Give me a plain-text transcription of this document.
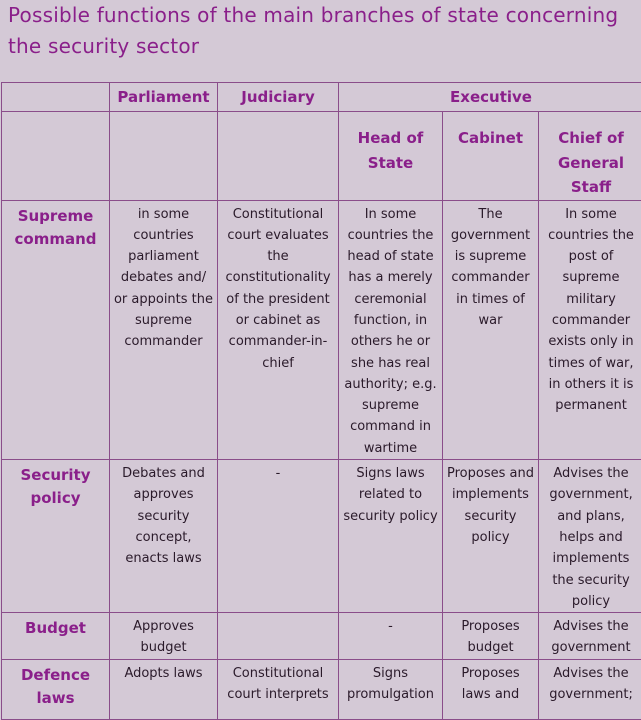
Possible functions of the main branches of state concerning the security sector
	Parliament	Judiciary	Executive		
			Head of State	Cabinet	Chief of General Staff
Supreme command	in some countries parliament debates and/ or appoints the supreme commander	Constitutional court evaluates the constitutionality of the president or cabinet as commander-in-chief	In some countries the head of state has a merely ceremonial function, in others he or she has real authority; e.g. supreme command in wartime	The government is supreme commander in times of war	In some countries the post of supreme military commander exists only in times of war, in others it is permanent
Security policy	Debates and approves security concept, enacts laws	-	Signs laws related to security policy	Proposes and implements security policy	Advises the government, and plans, helps and implements the security policy
Budget	Approves budget		-	Proposes budget	Advises the government
Defence laws	Adopts laws	Constitutional court interprets	Signs promulgation	Proposes laws and	Advises the government;
